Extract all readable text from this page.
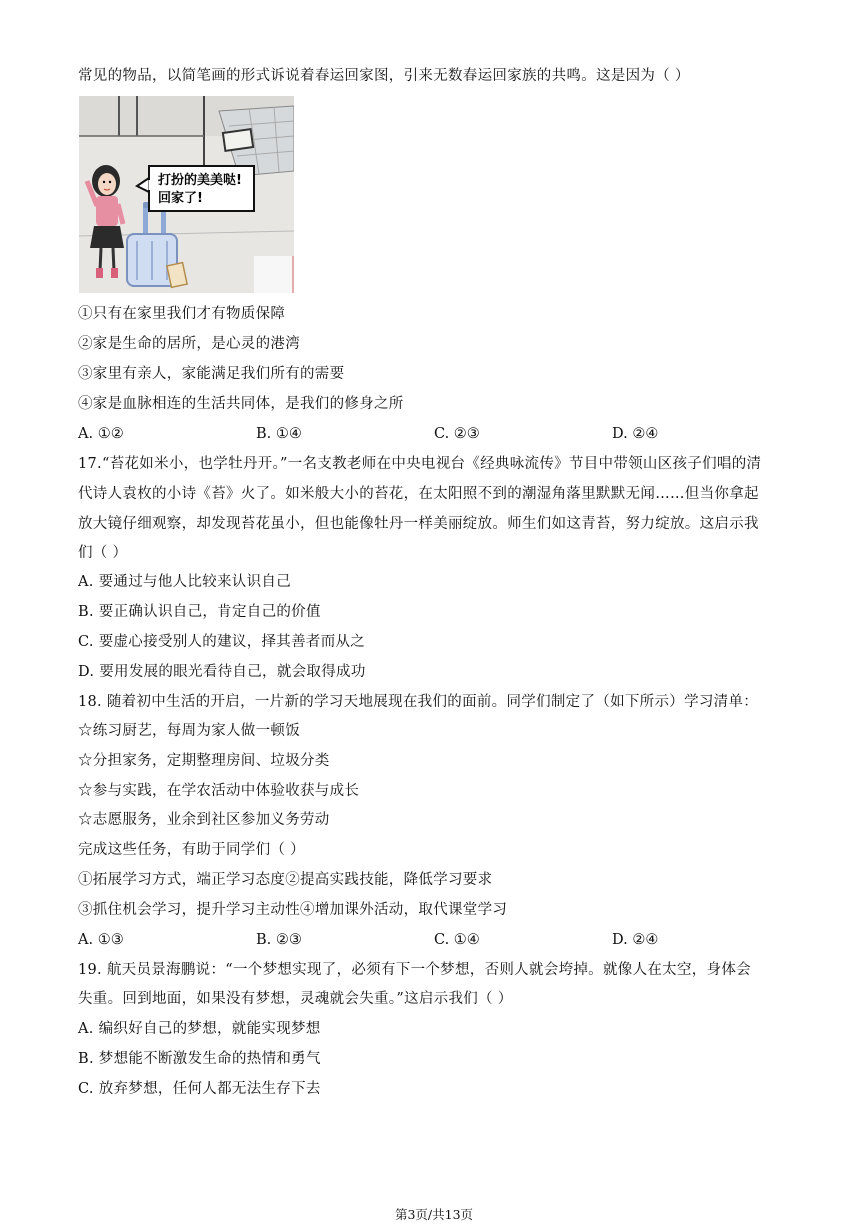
常见的物品，以简笔画的形式诉说着春运回家图，引来无数春运回家族的共鸣。这是因为（ ）
打扮的美美哒!
回家了!
①只有在家里我们才有物质保障
②家是生命的居所，是心灵的港湾
③家里有亲人，家能满足我们所有的需要
④家是血脉相连的生活共同体，是我们的修身之所
A. ①②	B. ①④	C. ②③	D. ②④
17.“苔花如米小，也学牡丹开。”一名支教老师在中央电视台《经典咏流传》节目中带领山区孩子们唱的清
代诗人袁枚的小诗《苔》火了。如米般大小的苔花，在太阳照不到的潮湿角落里默默无闻……但当你拿起
放大镜仔细观察，却发现苔花虽小，但也能像牡丹一样美丽绽放。师生们如这青苔，努力绽放。这启示我
们（ ）
A. 要通过与他人比较来认识自己
B. 要正确认识自己，肯定自己的价值
C. 要虚心接受别人的建议，择其善者而从之
D. 要用发展的眼光看待自己，就会取得成功
18. 随着初中生活的开启，一片新的学习天地展现在我们的面前。同学们制定了（如下所示）学习清单：
☆练习厨艺，每周为家人做一顿饭
☆分担家务，定期整理房间、垃圾分类
☆参与实践，在学农活动中体验收获与成长
☆志愿服务，业余到社区参加义务劳动
完成这些任务，有助于同学们（ ）
①拓展学习方式，端正学习态度②提高实践技能，降低学习要求
③抓住机会学习，提升学习主动性④增加课外活动，取代课堂学习
A. ①③	B. ②③	C. ①④	D. ②④
19. 航天员景海鹏说：“一个梦想实现了，必须有下一个梦想，否则人就会垮掉。就像人在太空，身体会
失重。回到地面，如果没有梦想，灵魂就会失重。”这启示我们（ ）
A. 编织好自己的梦想，就能实现梦想
B. 梦想能不断激发生命的热情和勇气
C. 放弃梦想，任何人都无法生存下去
第3页/共13页
